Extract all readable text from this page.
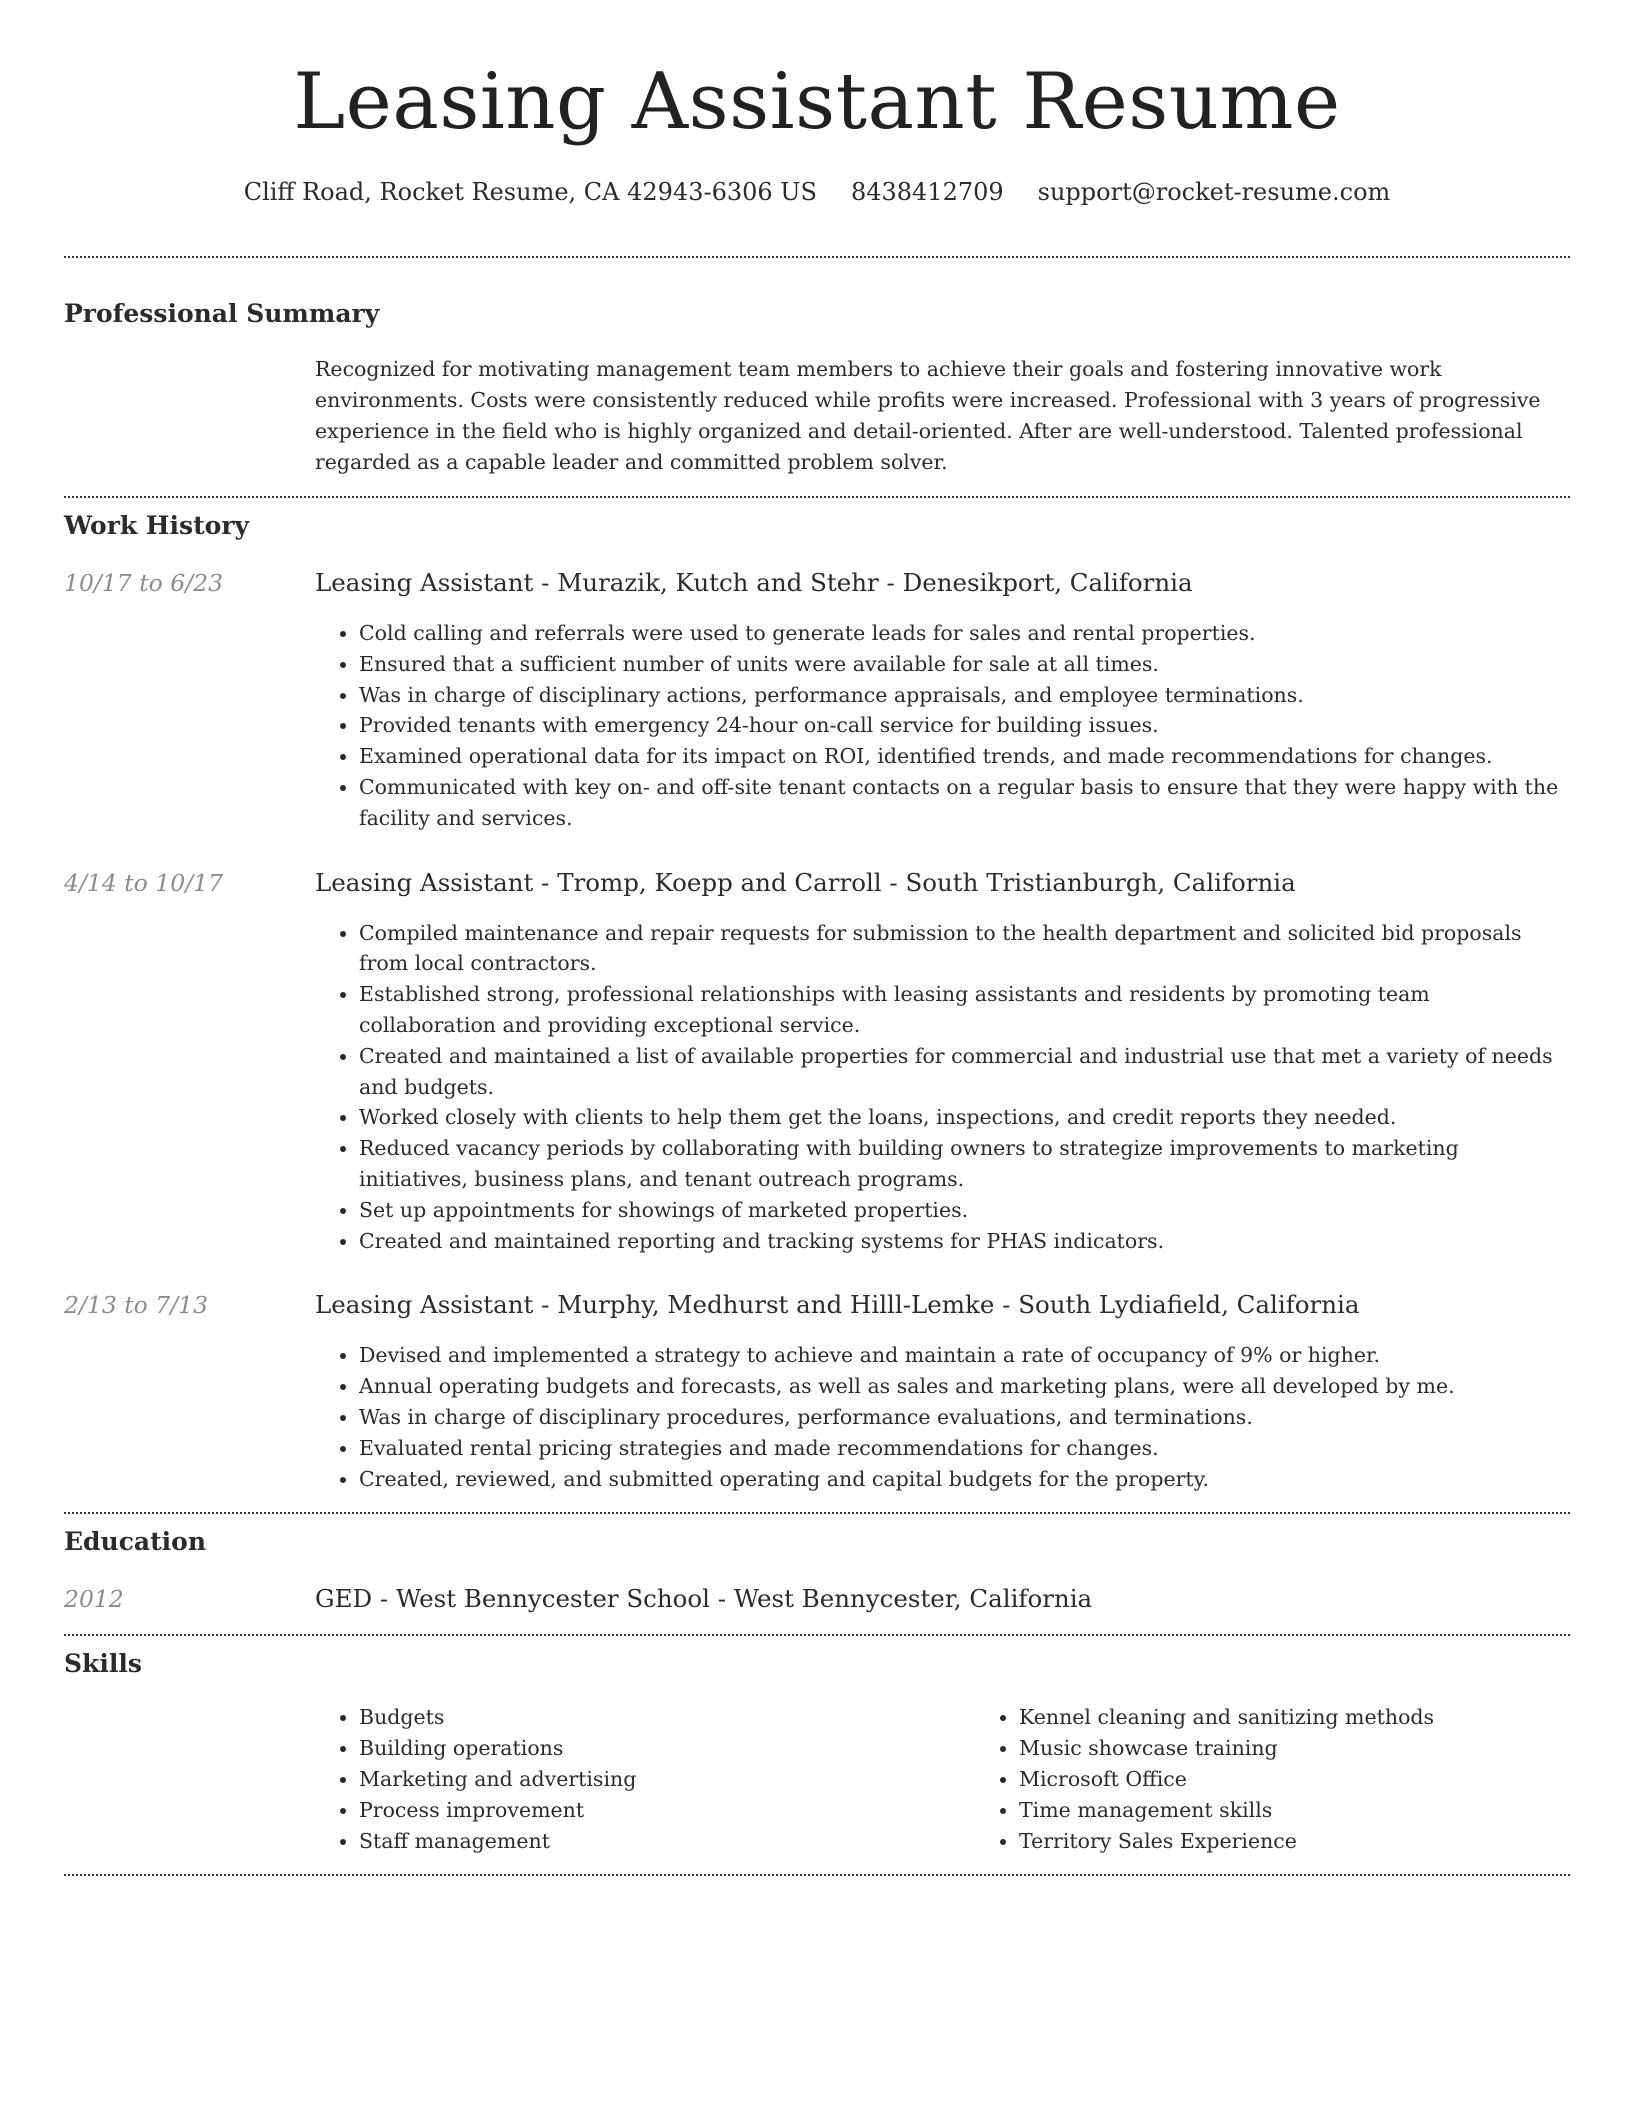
Leasing Assistant Resume
Cliff Road, Rocket Resume, CA 42943-6306 US 8438412709 support@rocket-resume.com
Professional Summary

Recognized for motivating management team members to achieve their goals and fostering innovative work environments. Costs were consistently reduced while profits were increased. Professional with 3 years of progressive experience in the field who is highly organized and detail-oriented. After are well-understood. Talented professional regarded as a capable leader and committed problem solver.

Work History
10/17 to 6/23	Leasing Assistant - Murazik, Kutch and Stehr - Denesikport, California
• Cold calling and referrals were used to generate leads for sales and rental properties.
• Ensured that a sufficient number of units were available for sale at all times.
• Was in charge of disciplinary actions, performance appraisals, and employee terminations.
• Provided tenants with emergency 24-hour on-call service for building issues.
• Examined operational data for its impact on ROI, identified trends, and made recommendations for changes.
• Communicated with key on- and off-site tenant contacts on a regular basis to ensure that they were happy with the facility and services.
4/14 to 10/17	Leasing Assistant - Tromp, Koepp and Carroll - South Tristianburgh, California
• Compiled maintenance and repair requests for submission to the health department and solicited bid proposals from local contractors.
• Established strong, professional relationships with leasing assistants and residents by promoting team collaboration and providing exceptional service.
• Created and maintained a list of available properties for commercial and industrial use that met a variety of needs and budgets.
• Worked closely with clients to help them get the loans, inspections, and credit reports they needed.
• Reduced vacancy periods by collaborating with building owners to strategize improvements to marketing initiatives, business plans, and tenant outreach programs.
• Set up appointments for showings of marketed properties.
• Created and maintained reporting and tracking systems for PHAS indicators.
2/13 to 7/13	Leasing Assistant - Murphy, Medhurst and Hilll-Lemke - South Lydiafield, California
• Devised and implemented a strategy to achieve and maintain a rate of occupancy of 9% or higher.
• Annual operating budgets and forecasts, as well as sales and marketing plans, were all developed by me.
• Was in charge of disciplinary procedures, performance evaluations, and terminations.
• Evaluated rental pricing strategies and made recommendations for changes.
• Created, reviewed, and submitted operating and capital budgets for the property.
Education
2012	GED - West Bennycester School - West Bennycester, California
Skills
• Budgets
• Building operations
• Marketing and advertising
• Process improvement
• Staff management
• Kennel cleaning and sanitizing methods
• Music showcase training
• Microsoft Office
• Time management skills
• Territory Sales Experience
